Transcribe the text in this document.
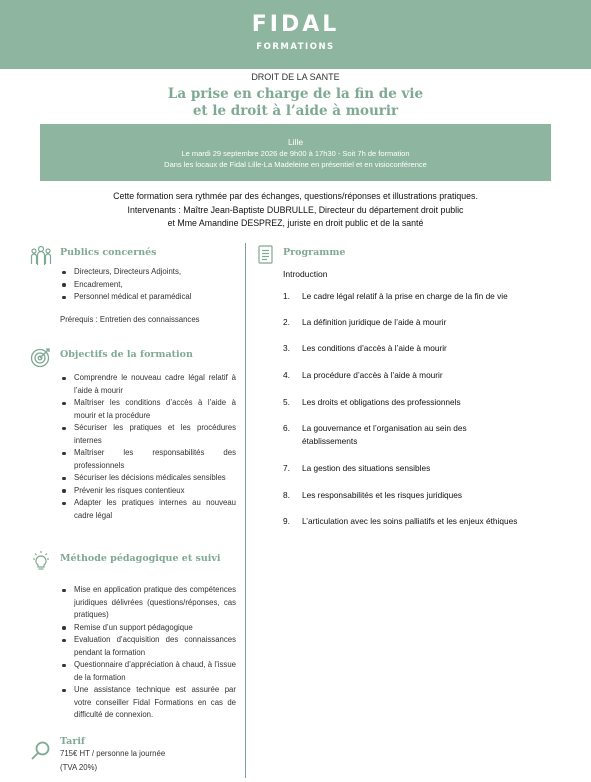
FIDAL
FORMATIONS
DROIT DE LA SANTE
La prise en charge de la fin de vie
et le droit à l’aide à mourir
Lille
Le mardi 29 septembre 2026 de 9h00 à 17h30 - Soit 7h de formation
Dans les locaux de Fidal Lille-La Madeleine en présentiel et en visioconférence
Cette formation sera rythmée par des échanges, questions/réponses et illustrations pratiques.
Intervenants : Maître Jean-Baptiste DUBRULLE, Directeur du département droit public
et Mme Amandine DESPREZ, juriste en droit public et de la santé
Publics concernés
Directeurs, Directeurs Adjoints,
Encadrement,
Personnel médical et paramédical
Prérequis : Entretien des connaissances
Objectifs de la formation
Comprendre le nouveau cadre légal relatif à l’aide à mourir
Maîtriser les conditions d’accès à l’aide à mourir et la procédure
Sécuriser les pratiques et les procédures internes
Maîtriser les responsabilités des professionnels
Sécuriser les décisions médicales sensibles
Prévenir les risques contentieux
Adapter les pratiques internes au nouveau cadre légal
Méthode pédagogique et suivi
Mise en application pratique des compétences juridiques délivrées (questions/réponses, cas pratiques)
Remise d’un support pédagogique
Evaluation d’acquisition des connaissances pendant la formation
Questionnaire d’appréciation à chaud, à l’issue de la formation
Une assistance technique est assurée par votre conseiller Fidal Formations en cas de difficulté de connexion.
Tarif
715€ HT / personne la journée
(TVA 20%)
Programme
Introduction
1.	Le cadre légal relatif à la prise en charge de la fin de vie
2.	La définition juridique de l’aide à mourir
3.	Les conditions d’accès à l’aide à mourir
4.	La procédure d’accès à l’aide à mourir
5.	Les droits et obligations des professionnels
6.	La gouvernance et l’organisation au sein des établissements
7.	La gestion des situations sensibles
8.	Les responsabilités et les risques juridiques
9.	L’articulation avec les soins palliatifs et les enjeux éthiques
